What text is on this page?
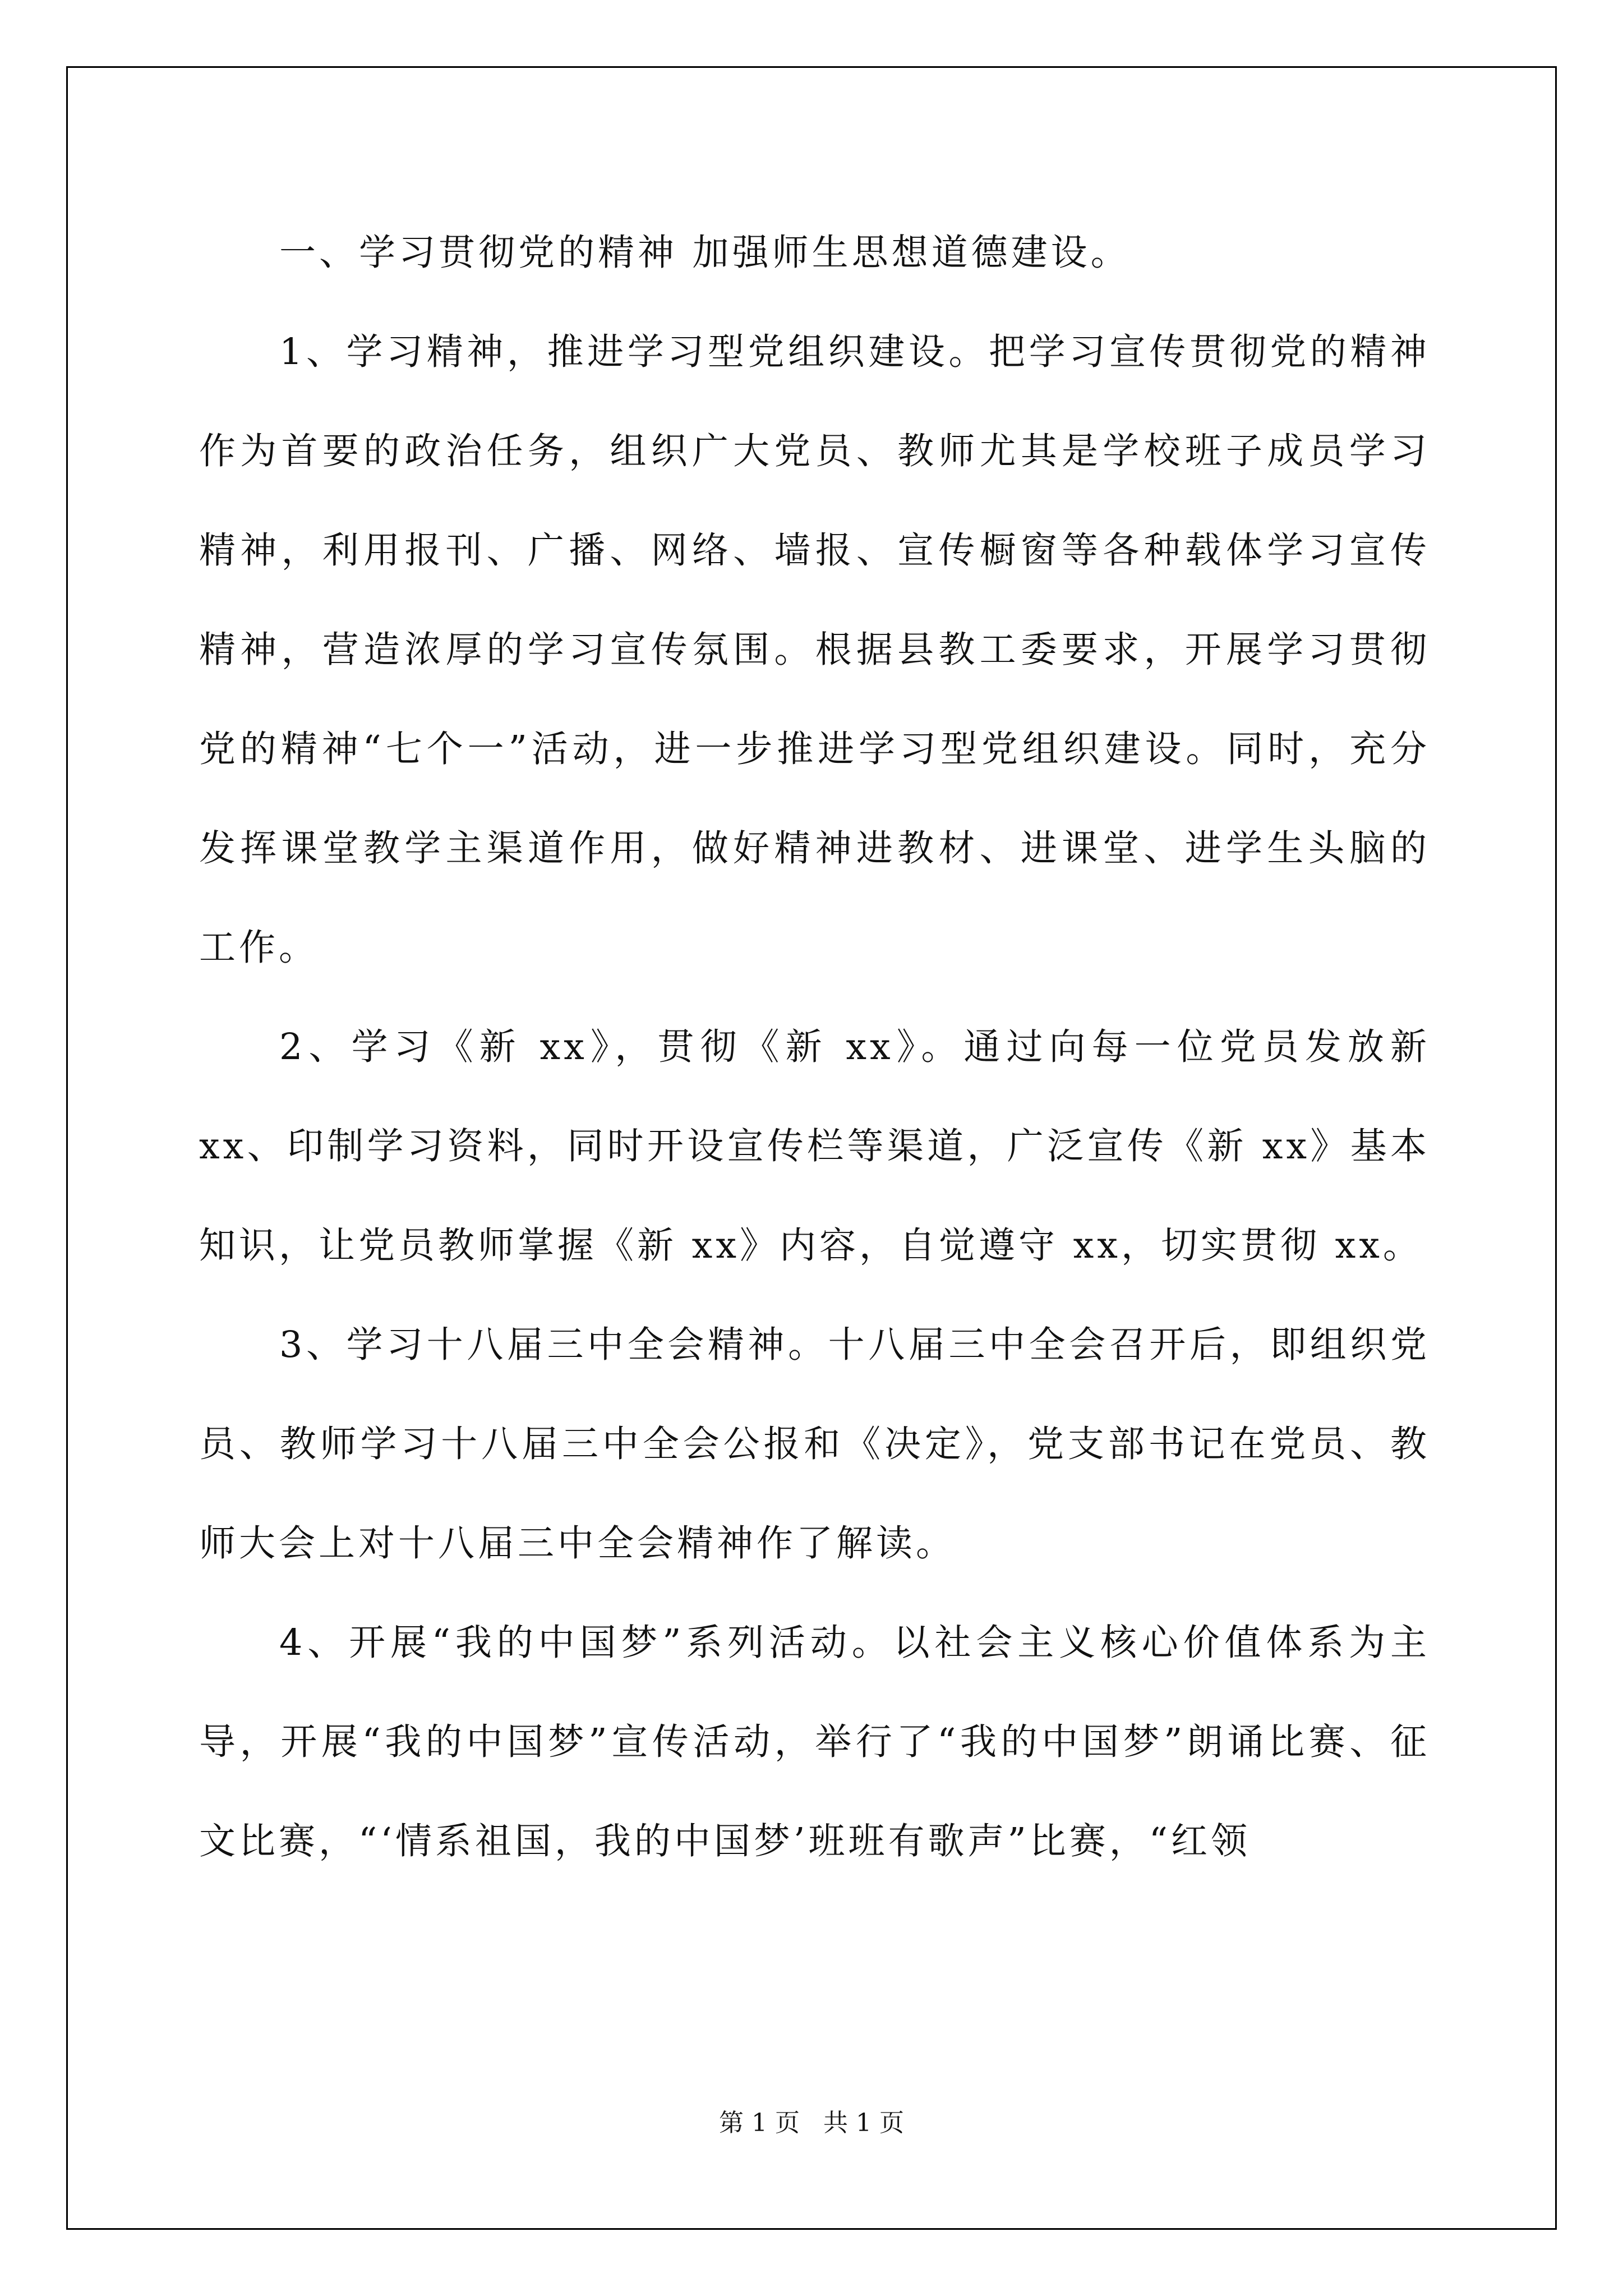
一、学习贯彻党的精神 加强师生思想道德建设。

1、学习精神，推进学习型党组织建设。把学习宣传贯彻党的精神作为首要的政治任务，组织广大党员、教师尤其是学校班子成员学习精神，利用报刊、广播、网络、墙报、宣传橱窗等各种载体学习宣传精神，营造浓厚的学习宣传氛围。根据县教工委要求，开展学习贯彻党的精神“七个一”活动，进一步推进学习型党组织建设。同时，充分发挥课堂教学主渠道作用，做好精神进教材、进课堂、进学生头脑的工作。

2、学习《新 xx》，贯彻《新 xx》。通过向每一位党员发放新 xx、印制学习资料，同时开设宣传栏等渠道，广泛宣传《新 xx》基本知识，让党员教师掌握《新 xx》内容，自觉遵守 xx，切实贯彻 xx。

3、学习十八届三中全会精神。十八届三中全会召开后，即组织党员、教师学习十八届三中全会公报和《决定》，党支部书记在党员、教师大会上对十八届三中全会精神作了解读。

4、开展“我的中国梦”系列活动。以社会主义核心价值体系为主导，开展“我的中国梦”宣传活动，举行了“我的中国梦”朗诵比赛、征文比赛，“‘情系祖国，我的中国梦’班班有歌声”比赛，“红领

第 1 页 共 1 页
